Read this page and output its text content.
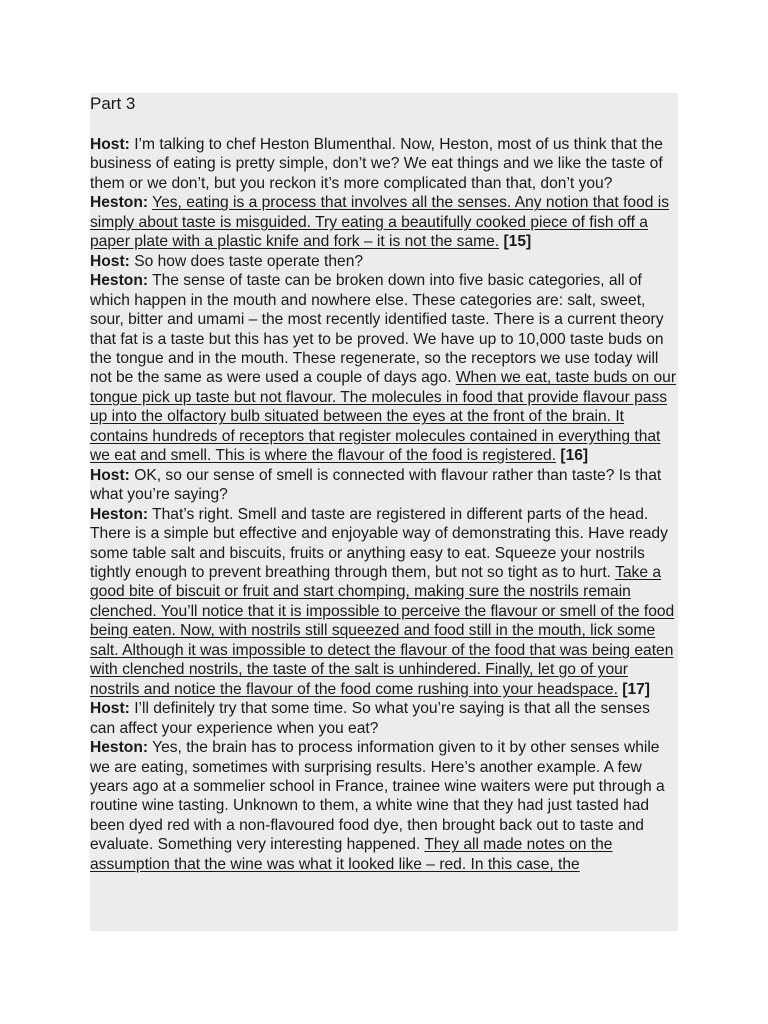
Part 3

Host: I’m talking to chef Heston Blumenthal. Now, Heston, most of us think that the business of eating is pretty simple, don’t we? We eat things and we like the taste of them or we don’t, but you reckon it’s more complicated than that, don’t you?

Heston: Yes, eating is a process that involves all the senses. Any notion that food is simply about taste is misguided. Try eating a beautifully cooked piece of fish off a paper plate with a plastic knife and fork – it is not the same. [15]

Host: So how does taste operate then?

Heston: The sense of taste can be broken down into five basic categories, all of which happen in the mouth and nowhere else. These categories are: salt, sweet, sour, bitter and umami – the most recently identified taste. There is a current theory that fat is a taste but this has yet to be proved. We have up to 10,000 taste buds on the tongue and in the mouth. These regenerate, so the receptors we use today will not be the same as were used a couple of days ago. When we eat, taste buds on our tongue pick up taste but not flavour. The molecules in food that provide flavour pass up into the olfactory bulb situated between the eyes at the front of the brain. It contains hundreds of receptors that register molecules contained in everything that we eat and smell. This is where the flavour of the food is registered. [16]

Host: OK, so our sense of smell is connected with flavour rather than taste? Is that what you’re saying?

Heston: That’s right. Smell and taste are registered in different parts of the head. There is a simple but effective and enjoyable way of demonstrating this. Have ready some table salt and biscuits, fruits or anything easy to eat. Squeeze your nostrils tightly enough to prevent breathing through them, but not so tight as to hurt. Take a good bite of biscuit or fruit and start chomping, making sure the nostrils remain clenched. You’ll notice that it is impossible to perceive the flavour or smell of the food being eaten. Now, with nostrils still squeezed and food still in the mouth, lick some salt. Although it was impossible to detect the flavour of the food that was being eaten with clenched nostrils, the taste of the salt is unhindered. Finally, let go of your nostrils and notice the flavour of the food come rushing into your headspace. [17]

Host: I’ll definitely try that some time. So what you’re saying is that all the senses can affect your experience when you eat?

Heston: Yes, the brain has to process information given to it by other senses while we are eating, sometimes with surprising results. Here’s another example. A few years ago at a sommelier school in France, trainee wine waiters were put through a routine wine tasting. Unknown to them, a white wine that they had just tasted had been dyed red with a non-flavoured food dye, then brought back out to taste and evaluate. Something very interesting happened. They all made notes on the assumption that the wine was what it looked like – red. In this case, the
